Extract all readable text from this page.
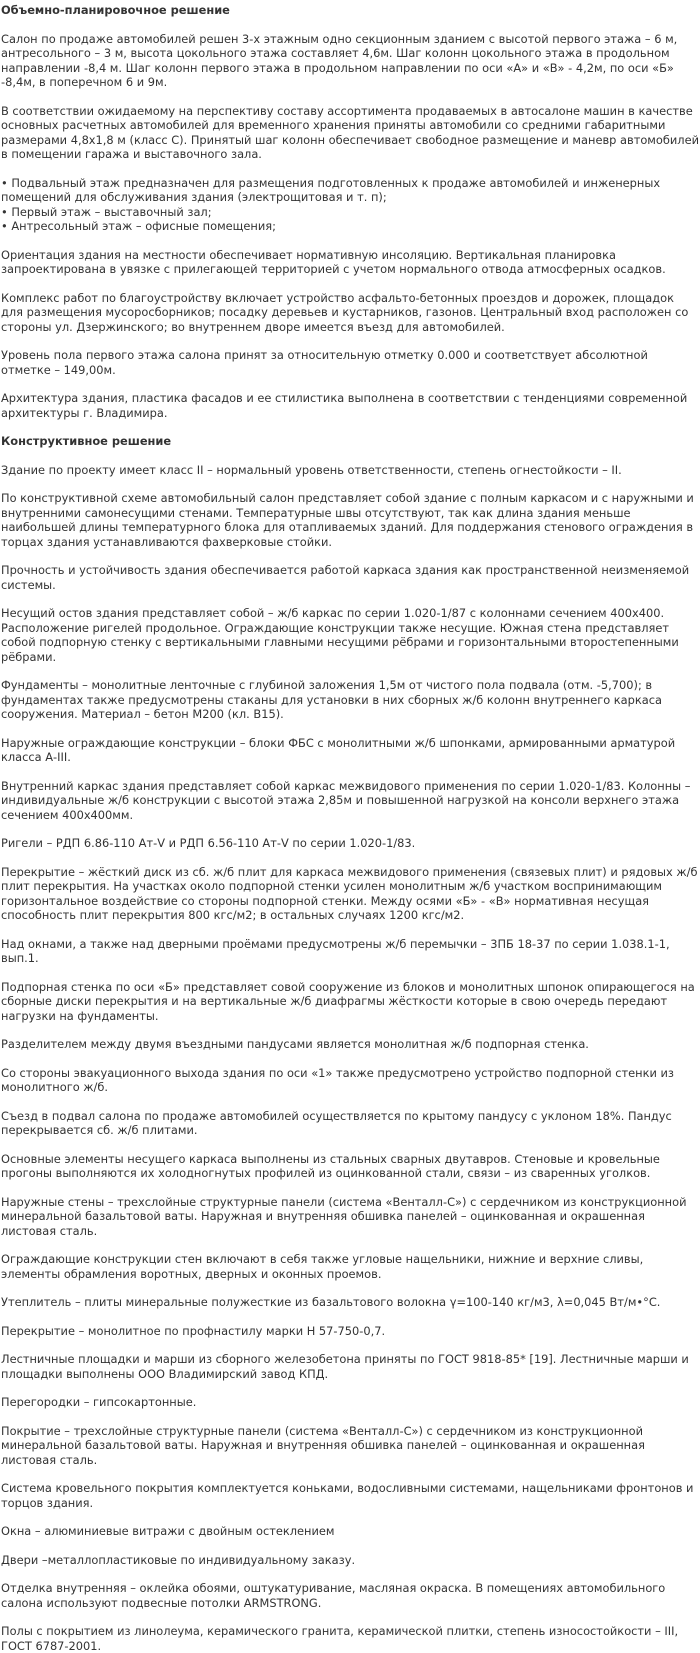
Объемно-планировочное решение

Салон по продаже автомобилей решен 3-х этажным одно секционным зданием с высотой первого этажа – 6 м, антресольного – 3 м, высота цокольного этажа составляет 4,6м. Шаг колонн цокольного этажа в продольном направлении -8,4 м. Шаг колонн первого этажа в продольном направлении по оси «А» и «В» - 4,2м, по оси «Б» -8,4м, в поперечном 6 и 9м.

В соответствии ожидаемому на перспективу составу ассортимента продаваемых в автосалоне машин в качестве основных расчетных автомобилей для временного хранения приняты автомобили со средними габаритными размерами 4,8х1,8 м (класс С). Принятый шаг колонн обеспечивает свободное размещение и маневр автомобилей в помещении гаража и выставочного зала.

• Подвальный этаж предназначен для размещения подготовленных к продаже автомобилей и инженерных помещений для обслуживания здания (электрощитовая и т. п);
• Первый этаж – выставочный зал;
• Антресольный этаж – офисные помещения;

Ориентация здания на местности обеспечивает нормативную инсоляцию. Вертикальная планировка запроектирована в увязке с прилегающей территорией с учетом нормального отвода атмосферных осадков.

Комплекс работ по благоустройству включает устройство асфальто-бетонных проездов и дорожек, площадок для размещения мусоросборников; посадку деревьев и кустарников, газонов. Центральный вход расположен со стороны ул. Дзержинского; во внутреннем дворе имеется въезд для автомобилей.

Уровень пола первого этажа салона принят за относительную отметку 0.000 и соответствует абсолютной отметке – 149,00м.

Архитектура здания, пластика фасадов и ее стилистика выполнена в соответствии с тенденциями современной архитектуры г. Владимира.

Конструктивное решение

Здание по проекту имеет класс II – нормальный уровень ответственности, степень огнестойкости – II.

По конструктивной схеме автомобильный салон представляет собой здание с полным каркасом и с наружными и внутренними самонесущими стенами. Температурные швы отсутствуют, так как длина здания меньше наибольшей длины температурного блока для отапливаемых зданий. Для поддержания стенового ограждения в торцах здания устанавливаются фахверковые стойки.

Прочность и устойчивость здания обеспечивается работой каркаса здания как пространственной неизменяемой системы.

Несущий остов здания представляет собой – ж/б каркас по серии 1.020-1/87 с колоннами сечением 400х400. Расположение ригелей продольное. Ограждающие конструкции также несущие. Южная стена представляет собой подпорную стенку с вертикальными главными несущими рёбрами и горизонтальными второстепенными рёбрами.

Фундаменты – монолитные ленточные с глубиной заложения 1,5м от чистого пола подвала (отм. -5,700); в фундаментах также предусмотрены стаканы для установки в них сборных ж/б колонн внутреннего каркаса сооружения. Материал – бетон М200 (кл. В15).

Наружные ограждающие конструкции – блоки ФБС с монолитными ж/б шпонками, армированными арматурой класса А-III.

Внутренний каркас здания представляет собой каркас межвидового применения по серии 1.020-1/83. Колонны – индивидуальные ж/б конструкции с высотой этажа 2,85м и повышенной нагрузкой на консоли верхнего этажа сечением 400х400мм.

Ригели – РДП 6.86-110 Ат-V и РДП 6.56-110 Ат-V по серии 1.020-1/83.

Перекрытие – жёсткий диск из сб. ж/б плит для каркаса межвидового применения (связевых плит) и рядовых ж/б плит перекрытия. На участках около подпорной стенки усилен монолитным ж/б участком воспринимающим горизонтальное воздействие со стороны подпорной стенки. Между осями «Б» - «В» нормативная несущая способность плит перекрытия 800 кгс/м2; в остальных случаях 1200 кгс/м2.

Над окнами, а также над дверными проёмами предусмотрены ж/б перемычки – 3ПБ 18-37 по серии 1.038.1-1, вып.1.

Подпорная стенка по оси «Б» представляет совой сооружение из блоков и монолитных шпонок опирающегося на сборные диски перекрытия и на вертикальные ж/б диафрагмы жёсткости которые в свою очередь передают нагрузки на фундаменты.

Разделителем между двумя въездными пандусами является монолитная ж/б подпорная стенка.

Со стороны эвакуационного выхода здания по оси «1» также предусмотрено устройство подпорной стенки из монолитного ж/б.

Съезд в подвал салона по продаже автомобилей осуществляется по крытому пандусу с уклоном 18%. Пандус перекрывается сб. ж/б плитами.

Основные элементы несущего каркаса выполнены из стальных сварных двутавров. Стеновые и кровельные прогоны выполняются их холодногнутых профилей из оцинкованной стали, связи – из сваренных уголков.

Наружные стены – трехслойные структурные панели (система «Венталл-С») с сердечником из конструкционной минеральной базальтовой ваты. Наружная и внутренняя обшивка панелей – оцинкованная и окрашенная листовая сталь.

Ограждающие конструкции стен включают в себя также угловые нащельники, нижние и верхние сливы, элементы обрамления воротных, дверных и оконных проемов.

Утеплитель – плиты минеральные полужесткие из базальтового волокна γ=100-140 кг/м3, λ=0,045 Вт/м•°С.

Перекрытие – монолитное по профнастилу марки Н 57-750-0,7.

Лестничные площадки и марши из сборного железобетона приняты по ГОСТ 9818-85* [19]. Лестничные марши и площадки выполнены ООО Владимирский завод КПД.

Перегородки – гипсокартонные.

Покрытие – трехслойные структурные панели (система «Венталл-С») с сердечником из конструкционной минеральной базальтовой ваты. Наружная и внутренняя обшивка панелей – оцинкованная и окрашенная листовая сталь.

Система кровельного покрытия комплектуется коньками, водосливными системами, нащельниками фронтонов и торцов здания.

Окна – алюминиевые витражи с двойным остеклением

Двери –металлопластиковые по индивидуальному заказу.

Отделка внутренняя – оклейка обоями, оштукатуривание, масляная окраска. В помещениях автомобильного салона используют подвесные потолки ARMSTRONG.

Полы с покрытием из линолеума, керамического гранита, керамической плитки, степень износостойкости – III, ГОСТ 6787-2001.
